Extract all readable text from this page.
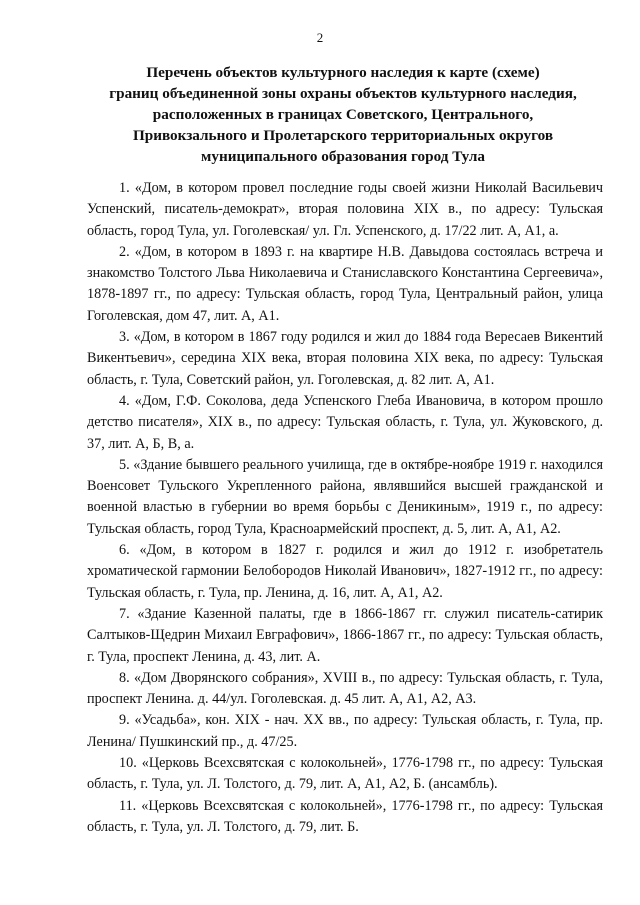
2
Перечень объектов культурного наследия к карте (схеме)
границ объединенной зоны охраны объектов культурного наследия,
расположенных в границах Советского, Центрального,
Привокзального и Пролетарского территориальных округов
муниципального образования город Тула

1. «Дом, в котором провел последние годы своей жизни Николай Васильевич Успенский, писатель-демократ», вторая половина XIX в., по адресу: Тульская область, город Тула, ул. Гоголевская/ ул. Гл. Успенского, д. 17/22 лит. А, А1, а.

2. «Дом, в котором в 1893 г. на квартире Н.В. Давыдова состоялась встреча и знакомство Толстого Льва Николаевича и Станиславского Константина Сергеевича», 1878-1897 гг., по адресу: Тульская область, город Тула, Центральный район, улица Гоголевская, дом 47, лит. А, А1.

3. «Дом, в котором в 1867 году родился и жил до 1884 года Вересаев Викентий Викентьевич», середина XIX века, вторая половина XIX века, по адресу: Тульская область, г. Тула, Советский район, ул. Гоголевская, д. 82 лит. А, А1.

4. «Дом, Г.Ф. Соколова, деда Успенского Глеба Ивановича, в котором прошло детство писателя», XIX в., по адресу: Тульская область, г. Тула, ул. Жуковского, д. 37, лит. А, Б, В, а.

5. «Здание бывшего реального училища, где в октябре-ноябре 1919 г. находился Военсовет Тульского Укрепленного района, являвшийся высшей гражданской и военной властью в губернии во время борьбы с Деникиным», 1919 г., по адресу: Тульская область, город Тула, Красноармейский проспект, д. 5, лит. А, А1, А2.

6. «Дом, в котором в 1827 г. родился и жил до 1912 г. изобретатель хроматической гармонии Белобородов Николай Иванович», 1827-1912 гг., по адресу: Тульская область, г. Тула, пр. Ленина, д. 16, лит. А, А1, А2.

7. «Здание Казенной палаты, где в 1866-1867 гг. служил писатель-сатирик Салтыков-Щедрин Михаил Евграфович», 1866-1867 гг., по адресу: Тульская область, г. Тула, проспект Ленина, д. 43, лит. А.

8. «Дом Дворянского собрания», XVIII в., по адресу: Тульская область, г. Тула, проспект Ленина. д. 44/ул. Гоголевская. д. 45 лит. А, А1, А2, А3.

9. «Усадьба», кон. XIX - нач. XX вв., по адресу: Тульская область, г. Тула, пр. Ленина/ Пушкинский пр., д. 47/25.

10. «Церковь Всехсвятская с колокольней», 1776-1798 гг., по адресу: Тульская область, г. Тула, ул. Л. Толстого, д. 79, лит. А, А1, А2, Б. (ансамбль).

11. «Церковь Всехсвятская с колокольней», 1776-1798 гг., по адресу: Тульская область, г. Тула, ул. Л. Толстого, д. 79, лит. Б.
